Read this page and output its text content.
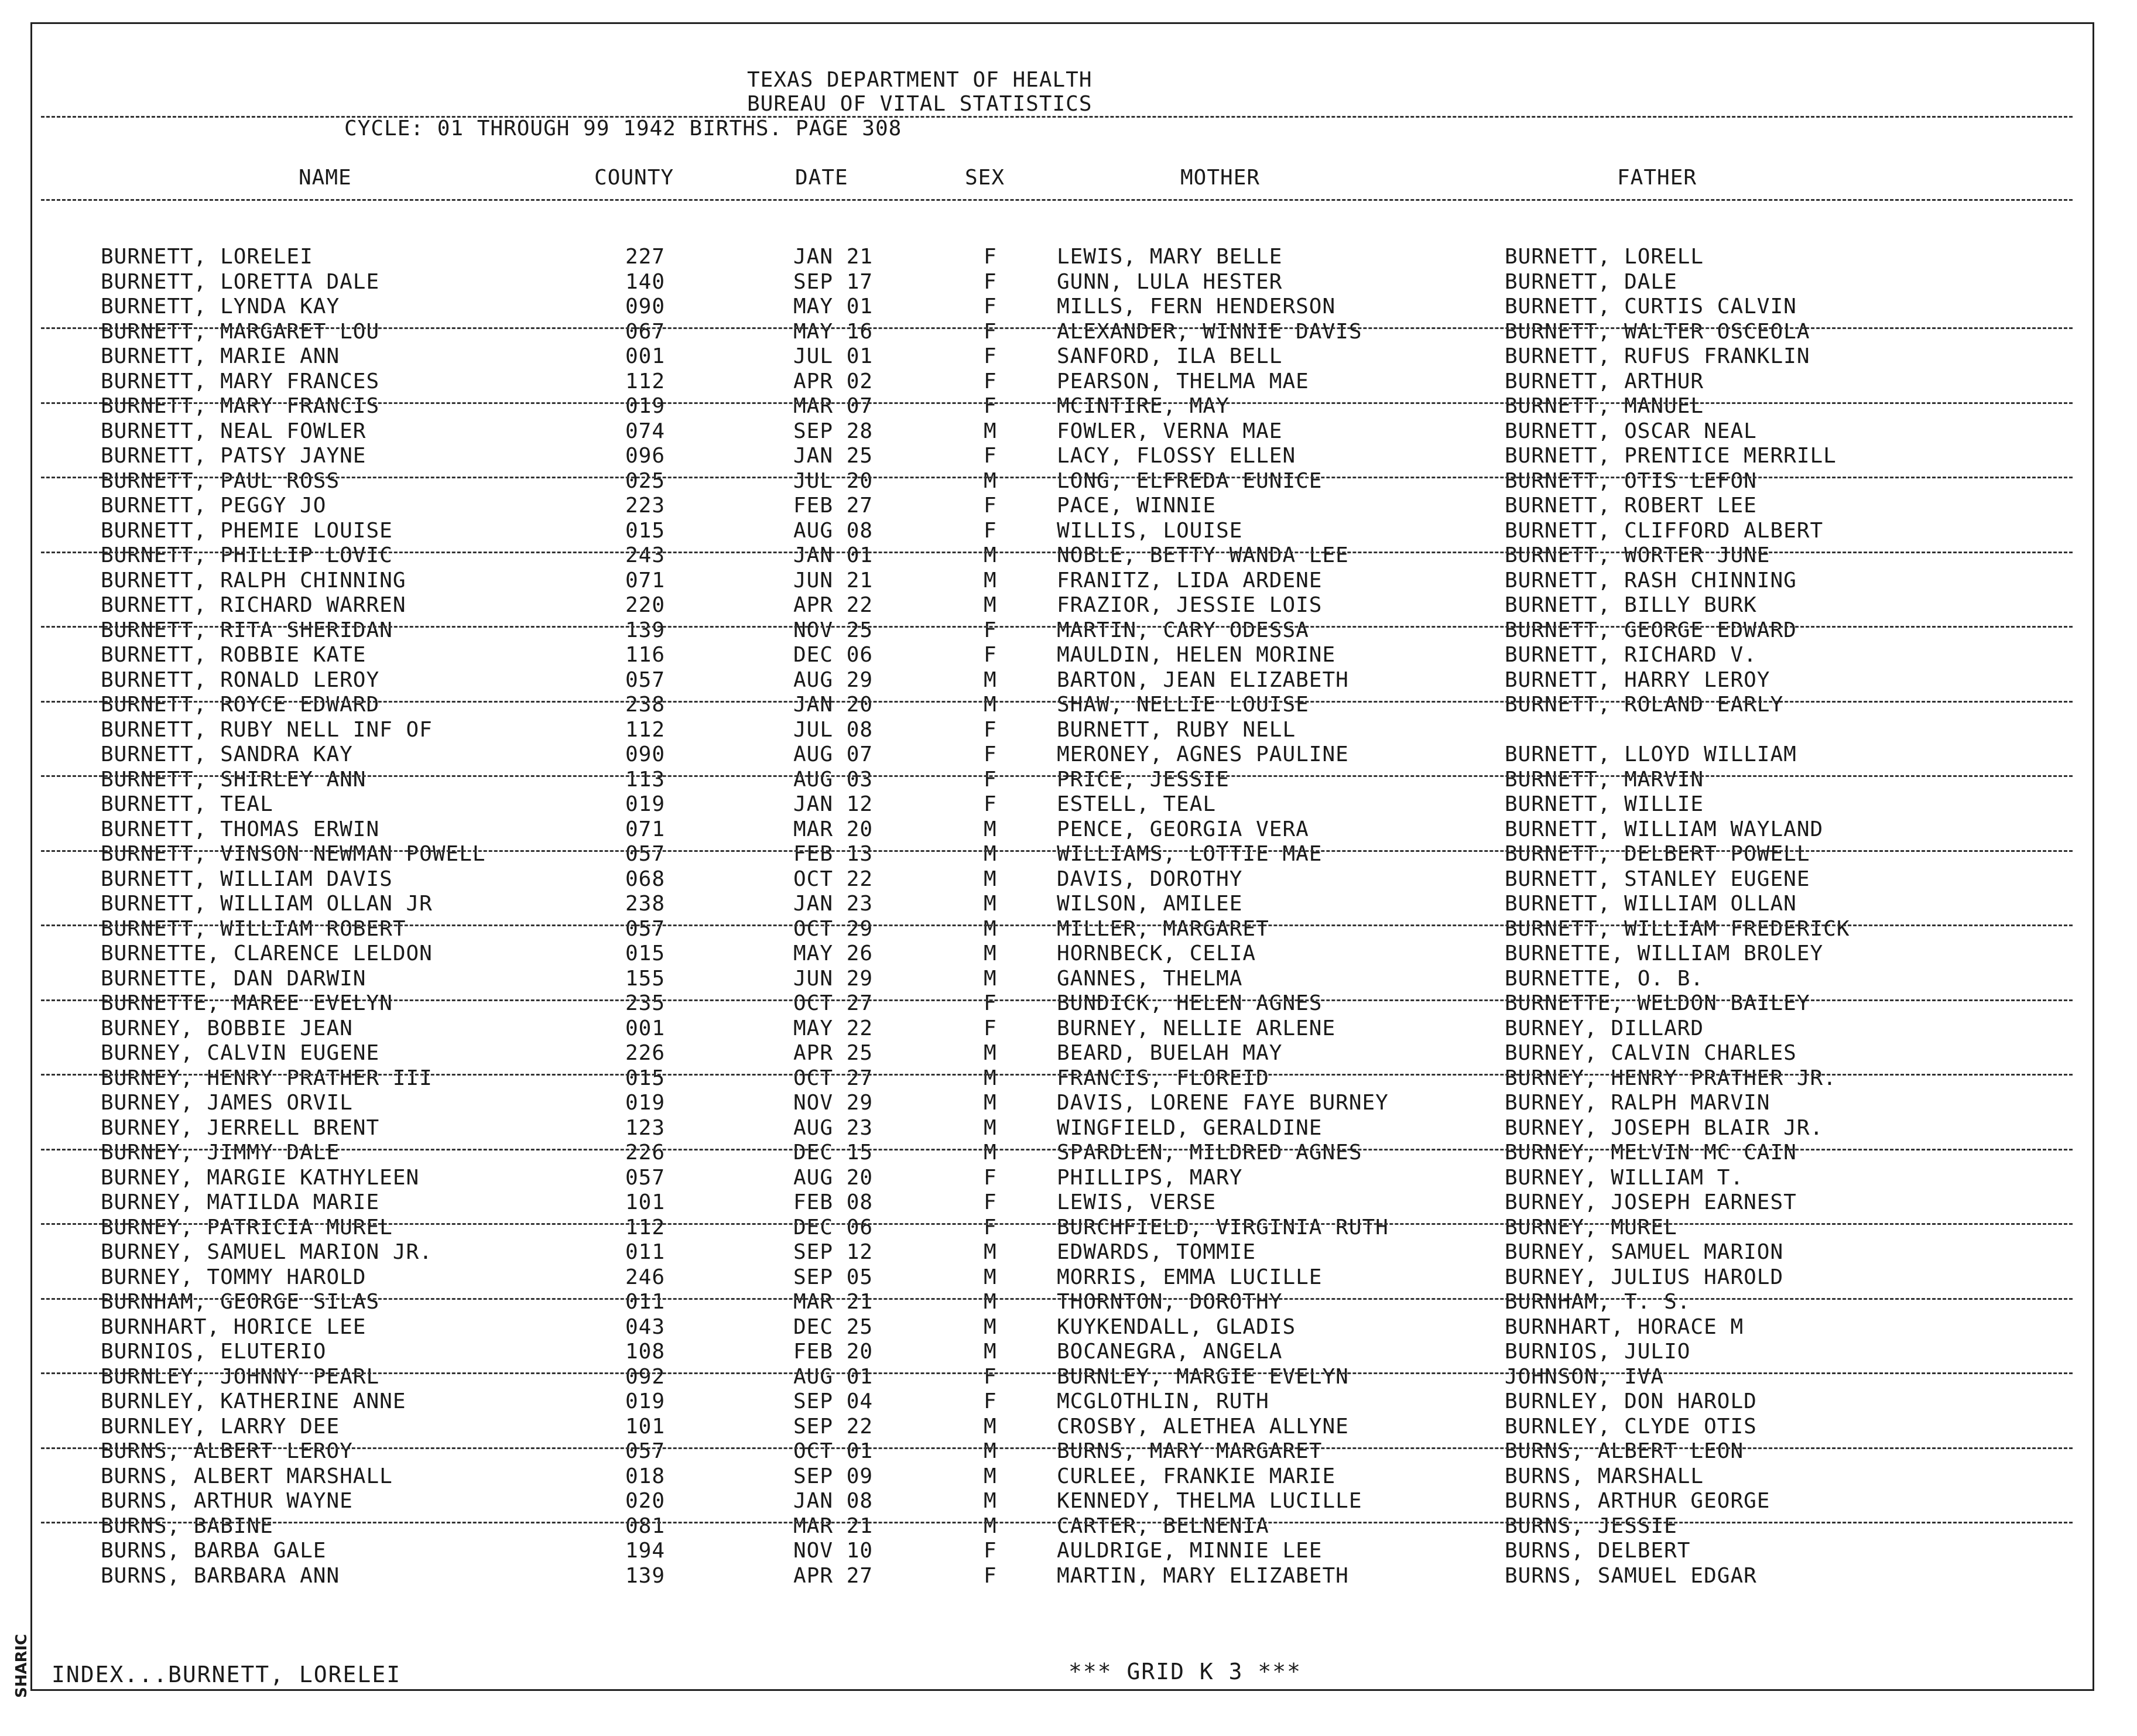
TEXAS DEPARTMENT OF HEALTH
BUREAU OF VITAL STATISTICS
CYCLE: 01 THROUGH 99 1942 BIRTHS. PAGE 308
NAME	COUNTY	DATE	SEX	MOTHER	FATHER
BURNETT, LORELEI	227	JAN 21	F	LEWIS, MARY BELLE	BURNETT, LORELL
BURNETT, LORETTA DALE	140	SEP 17	F	GUNN, LULA HESTER	BURNETT, DALE
BURNETT, LYNDA KAY	090	MAY 01	F	MILLS, FERN HENDERSON	BURNETT, CURTIS CALVIN
BURNETT, MARGARET LOU	067	MAY 16	F	ALEXANDER, WINNIE DAVIS	BURNETT, WALTER OSCEOLA
BURNETT, MARIE ANN	001	JUL 01	F	SANFORD, ILA BELL	BURNETT, RUFUS FRANKLIN
BURNETT, MARY FRANCES	112	APR 02	F	PEARSON, THELMA MAE	BURNETT, ARTHUR
BURNETT, MARY FRANCIS	019	MAR 07	F	MCINTIRE, MAY	BURNETT, MANUEL
BURNETT, NEAL FOWLER	074	SEP 28	M	FOWLER, VERNA MAE	BURNETT, OSCAR NEAL
BURNETT, PATSY JAYNE	096	JAN 25	F	LACY, FLOSSY ELLEN	BURNETT, PRENTICE MERRILL
BURNETT, PAUL ROSS	025	JUL 20	M	LONG, ELFREDA EUNICE	BURNETT, OTIS LEFON
BURNETT, PEGGY JO	223	FEB 27	F	PACE, WINNIE	BURNETT, ROBERT LEE
BURNETT, PHEMIE LOUISE	015	AUG 08	F	WILLIS, LOUISE	BURNETT, CLIFFORD ALBERT
BURNETT, PHILLIP LOVIC	243	JAN 01	M	NOBLE, BETTY WANDA LEE	BURNETT, WORTER JUNE
BURNETT, RALPH CHINNING	071	JUN 21	M	FRANITZ, LIDA ARDENE	BURNETT, RASH CHINNING
BURNETT, RICHARD WARREN	220	APR 22	M	FRAZIOR, JESSIE LOIS	BURNETT, BILLY BURK
BURNETT, RITA SHERIDAN	139	NOV 25	F	MARTIN, CARY ODESSA	BURNETT, GEORGE EDWARD
BURNETT, ROBBIE KATE	116	DEC 06	F	MAULDIN, HELEN MORINE	BURNETT, RICHARD V.
BURNETT, RONALD LEROY	057	AUG 29	M	BARTON, JEAN ELIZABETH	BURNETT, HARRY LEROY
BURNETT, ROYCE EDWARD	238	JAN 20	M	SHAW, NELLIE LOUISE	BURNETT, ROLAND EARLY
BURNETT, RUBY NELL INF OF	112	JUL 08	F	BURNETT, RUBY NELL
BURNETT, SANDRA KAY	090	AUG 07	F	MERONEY, AGNES PAULINE	BURNETT, LLOYD WILLIAM
BURNETT, SHIRLEY ANN	113	AUG 03	F	PRICE, JESSIE	BURNETT, MARVIN
BURNETT, TEAL	019	JAN 12	F	ESTELL, TEAL	BURNETT, WILLIE
BURNETT, THOMAS ERWIN	071	MAR 20	M	PENCE, GEORGIA VERA	BURNETT, WILLIAM WAYLAND
BURNETT, VINSON NEWMAN POWELL	057	FEB 13	M	WILLIAMS, LOTTIE MAE	BURNETT, DELBERT POWELL
BURNETT, WILLIAM DAVIS	068	OCT 22	M	DAVIS, DOROTHY	BURNETT, STANLEY EUGENE
BURNETT, WILLIAM OLLAN JR	238	JAN 23	M	WILSON, AMILEE	BURNETT, WILLIAM OLLAN
BURNETT, WILLIAM ROBERT	057	OCT 29	M	MILLER, MARGARET	BURNETT, WILLIAM FREDERICK
BURNETTE, CLARENCE LELDON	015	MAY 26	M	HORNBECK, CELIA	BURNETTE, WILLIAM BROLEY
BURNETTE, DAN DARWIN	155	JUN 29	M	GANNES, THELMA	BURNETTE, O. B.
BURNETTE, MAREE EVELYN	235	OCT 27	F	BUNDICK, HELEN AGNES	BURNETTE, WELDON BAILEY
BURNEY, BOBBIE JEAN	001	MAY 22	F	BURNEY, NELLIE ARLENE	BURNEY, DILLARD
BURNEY, CALVIN EUGENE	226	APR 25	M	BEARD, BUELAH MAY	BURNEY, CALVIN CHARLES
BURNEY, HENRY PRATHER III	015	OCT 27	M	FRANCIS, FLOREID	BURNEY, HENRY PRATHER JR.
BURNEY, JAMES ORVIL	019	NOV 29	M	DAVIS, LORENE FAYE BURNEY	BURNEY, RALPH MARVIN
BURNEY, JERRELL BRENT	123	AUG 23	M	WINGFIELD, GERALDINE	BURNEY, JOSEPH BLAIR JR.
BURNEY, JIMMY DALE	226	DEC 15	M	SPARDLEN, MILDRED AGNES	BURNEY, MELVIN MC CAIN
BURNEY, MARGIE KATHYLEEN	057	AUG 20	F	PHILLIPS, MARY	BURNEY, WILLIAM T.
BURNEY, MATILDA MARIE	101	FEB 08	F	LEWIS, VERSE	BURNEY, JOSEPH EARNEST
BURNEY, PATRICIA MUREL	112	DEC 06	F	BURCHFIELD, VIRGINIA RUTH	BURNEY, MUREL
BURNEY, SAMUEL MARION JR.	011	SEP 12	M	EDWARDS, TOMMIE	BURNEY, SAMUEL MARION
BURNEY, TOMMY HAROLD	246	SEP 05	M	MORRIS, EMMA LUCILLE	BURNEY, JULIUS HAROLD
BURNHAM, GEORGE SILAS	011	MAR 21	M	THORNTON, DOROTHY	BURNHAM, T. S.
BURNHART, HORICE LEE	043	DEC 25	M	KUYKENDALL, GLADIS	BURNHART, HORACE M
BURNIOS, ELUTERIO	108	FEB 20	M	BOCANEGRA, ANGELA	BURNIOS, JULIO
BURNLEY, JOHNNY PEARL	092	AUG 01	F	BURNLEY, MARGIE EVELYN	JOHNSON, IVA
BURNLEY, KATHERINE ANNE	019	SEP 04	F	MCGLOTHLIN, RUTH	BURNLEY, DON HAROLD
BURNLEY, LARRY DEE	101	SEP 22	M	CROSBY, ALETHEA ALLYNE	BURNLEY, CLYDE OTIS
BURNS, ALBERT LEROY	057	OCT 01	M	BURNS, MARY MARGARET	BURNS, ALBERT LEON
BURNS, ALBERT MARSHALL	018	SEP 09	M	CURLEE, FRANKIE MARIE	BURNS, MARSHALL
BURNS, ARTHUR WAYNE	020	JAN 08	M	KENNEDY, THELMA LUCILLE	BURNS, ARTHUR GEORGE
BURNS, BABINE	081	MAR 21	M	CARTER, BELNENIA	BURNS, JESSIE
BURNS, BARBA GALE	194	NOV 10	F	AULDRIGE, MINNIE LEE	BURNS, DELBERT
BURNS, BARBARA ANN	139	APR 27	F	MARTIN, MARY ELIZABETH	BURNS, SAMUEL EDGAR
INDEX...BURNETT, LORELEI	*** GRID K 3 ***
SHARIC
